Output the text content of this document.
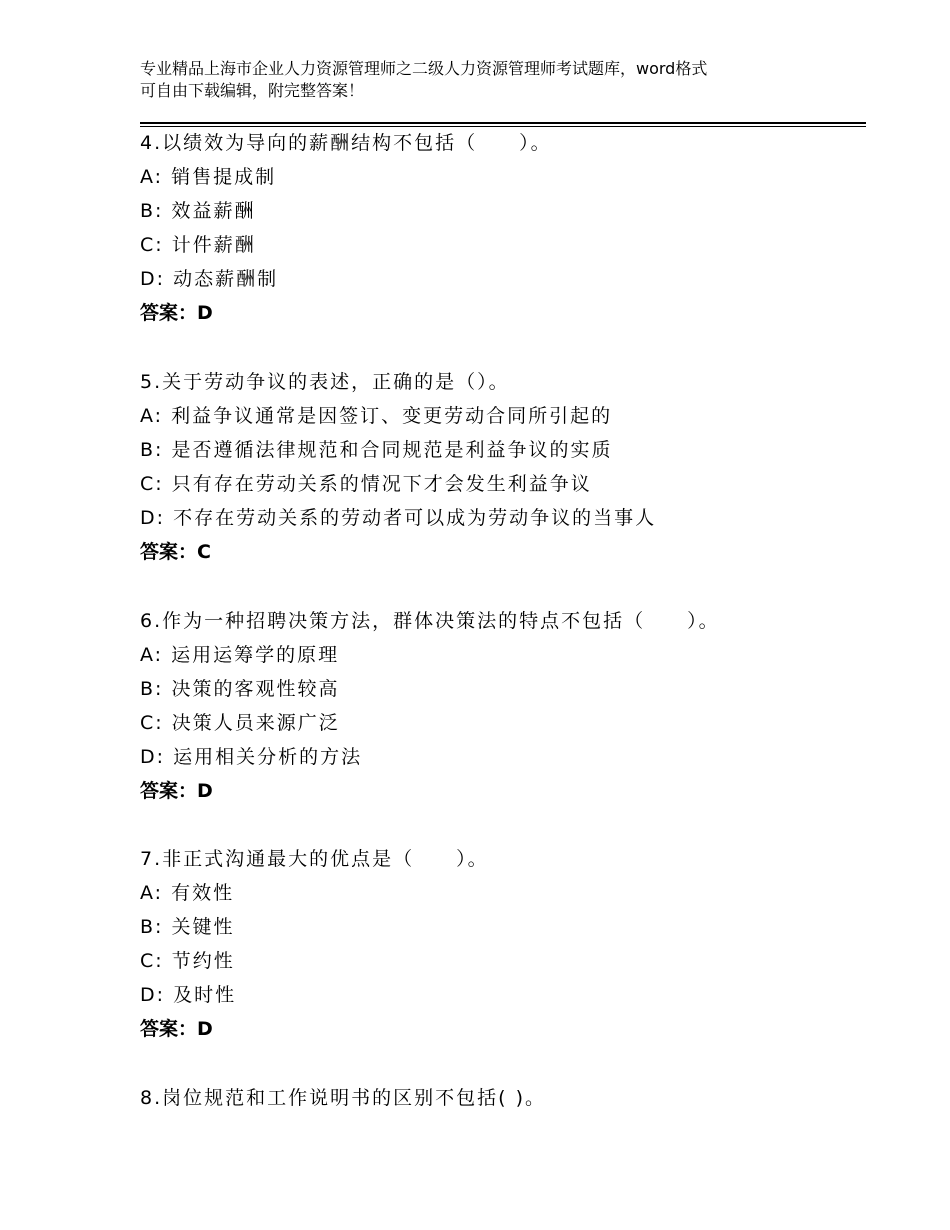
专业精品上海市企业人力资源管理师之二级人力资源管理师考试题库，word格式
可自由下载编辑，附完整答案！
4.以绩效为导向的薪酬结构不包括（　　）。
A: 销售提成制
B: 效益薪酬
C: 计件薪酬
D: 动态薪酬制
答案：D
5.关于劳动争议的表述，正确的是（）。
A: 利益争议通常是因签订、变更劳动合同所引起的
B: 是否遵循法律规范和合同规范是利益争议的实质
C: 只有存在劳动关系的情况下才会发生利益争议
D: 不存在劳动关系的劳动者可以成为劳动争议的当事人
答案：C
6.作为一种招聘决策方法，群体决策法的特点不包括（　　）。
A: 运用运筹学的原理
B: 决策的客观性较高
C: 决策人员来源广泛
D: 运用相关分析的方法
答案：D
7.非正式沟通最大的优点是（　　）。
A: 有效性
B: 关键性
C: 节约性
D: 及时性
答案：D
8.岗位规范和工作说明书的区别不包括( )。
